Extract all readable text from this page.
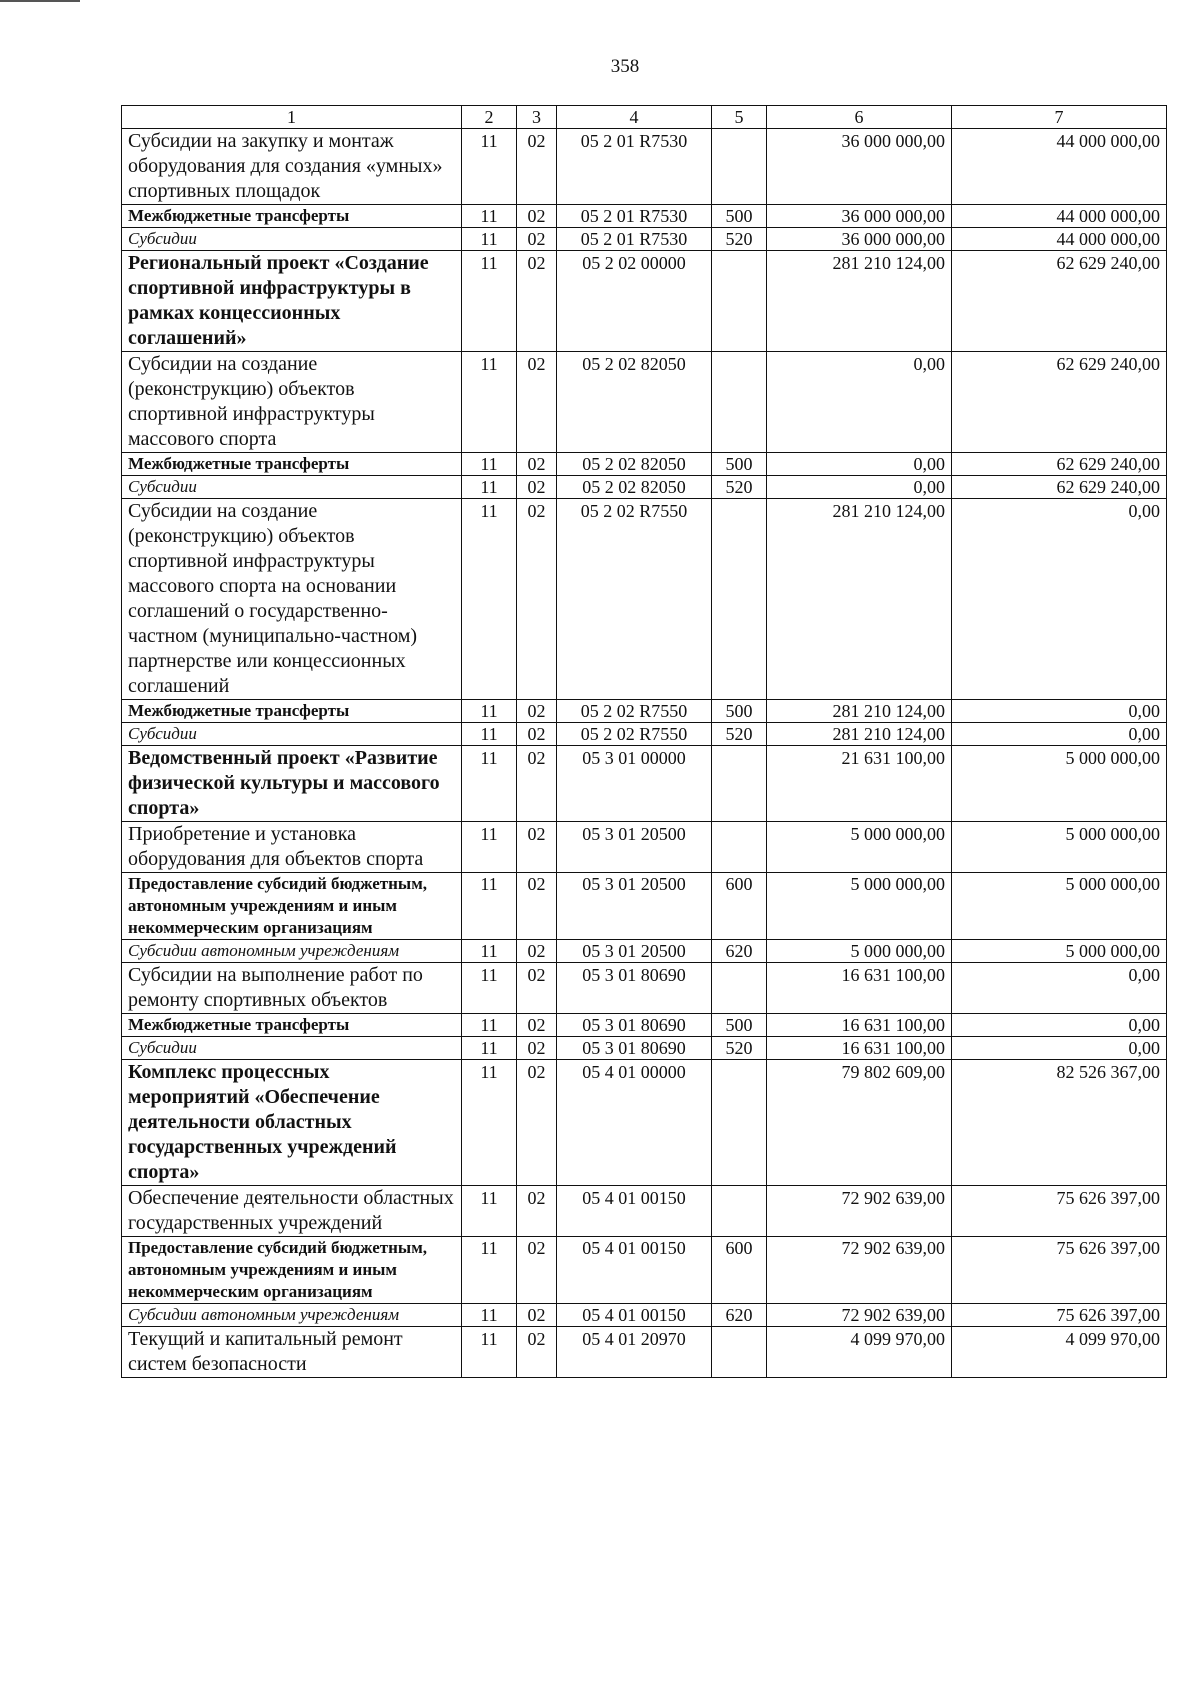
358
1	2	3	4	5	6	7
Субсидии на закупку и монтаж оборудования для создания «умных» спортивных площадок	11	02	05 2 01 R7530		36 000 000,00	44 000 000,00
Межбюджетные трансферты	11	02	05 2 01 R7530	500	36 000 000,00	44 000 000,00
Субсидии	11	02	05 2 01 R7530	520	36 000 000,00	44 000 000,00
Региональный проект «Создание спортивной инфраструктуры в рамках концессионных соглашений»	11	02	05 2 02 00000		281 210 124,00	62 629 240,00
Субсидии на создание (реконструкцию) объектов спортивной инфраструктуры массового спорта	11	02	05 2 02 82050		0,00	62 629 240,00
Межбюджетные трансферты	11	02	05 2 02 82050	500	0,00	62 629 240,00
Субсидии	11	02	05 2 02 82050	520	0,00	62 629 240,00
Субсидии на создание (реконструкцию) объектов спортивной инфраструктуры массового спорта на основании соглашений о государственно-частном (муниципально-частном) партнерстве или концессионных соглашений	11	02	05 2 02 R7550		281 210 124,00	0,00
Межбюджетные трансферты	11	02	05 2 02 R7550	500	281 210 124,00	0,00
Субсидии	11	02	05 2 02 R7550	520	281 210 124,00	0,00
Ведомственный проект «Развитие физической культуры и массового спорта»	11	02	05 3 01 00000		21 631 100,00	5 000 000,00
Приобретение и установка оборудования для объектов спорта	11	02	05 3 01 20500		5 000 000,00	5 000 000,00
Предоставление субсидий бюджетным, автономным учреждениям и иным некоммерческим организациям	11	02	05 3 01 20500	600	5 000 000,00	5 000 000,00
Субсидии автономным учреждениям	11	02	05 3 01 20500	620	5 000 000,00	5 000 000,00
Субсидии на выполнение работ по ремонту спортивных объектов	11	02	05 3 01 80690		16 631 100,00	0,00
Межбюджетные трансферты	11	02	05 3 01 80690	500	16 631 100,00	0,00
Субсидии	11	02	05 3 01 80690	520	16 631 100,00	0,00
Комплекс процессных мероприятий «Обеспечение деятельности областных государственных учреждений спорта»	11	02	05 4 01 00000		79 802 609,00	82 526 367,00
Обеспечение деятельности областных государственных учреждений	11	02	05 4 01 00150		72 902 639,00	75 626 397,00
Предоставление субсидий бюджетным, автономным учреждениям и иным некоммерческим организациям	11	02	05 4 01 00150	600	72 902 639,00	75 626 397,00
Субсидии автономным учреждениям	11	02	05 4 01 00150	620	72 902 639,00	75 626 397,00
Текущий и капитальный ремонт систем безопасности	11	02	05 4 01 20970		4 099 970,00	4 099 970,00
